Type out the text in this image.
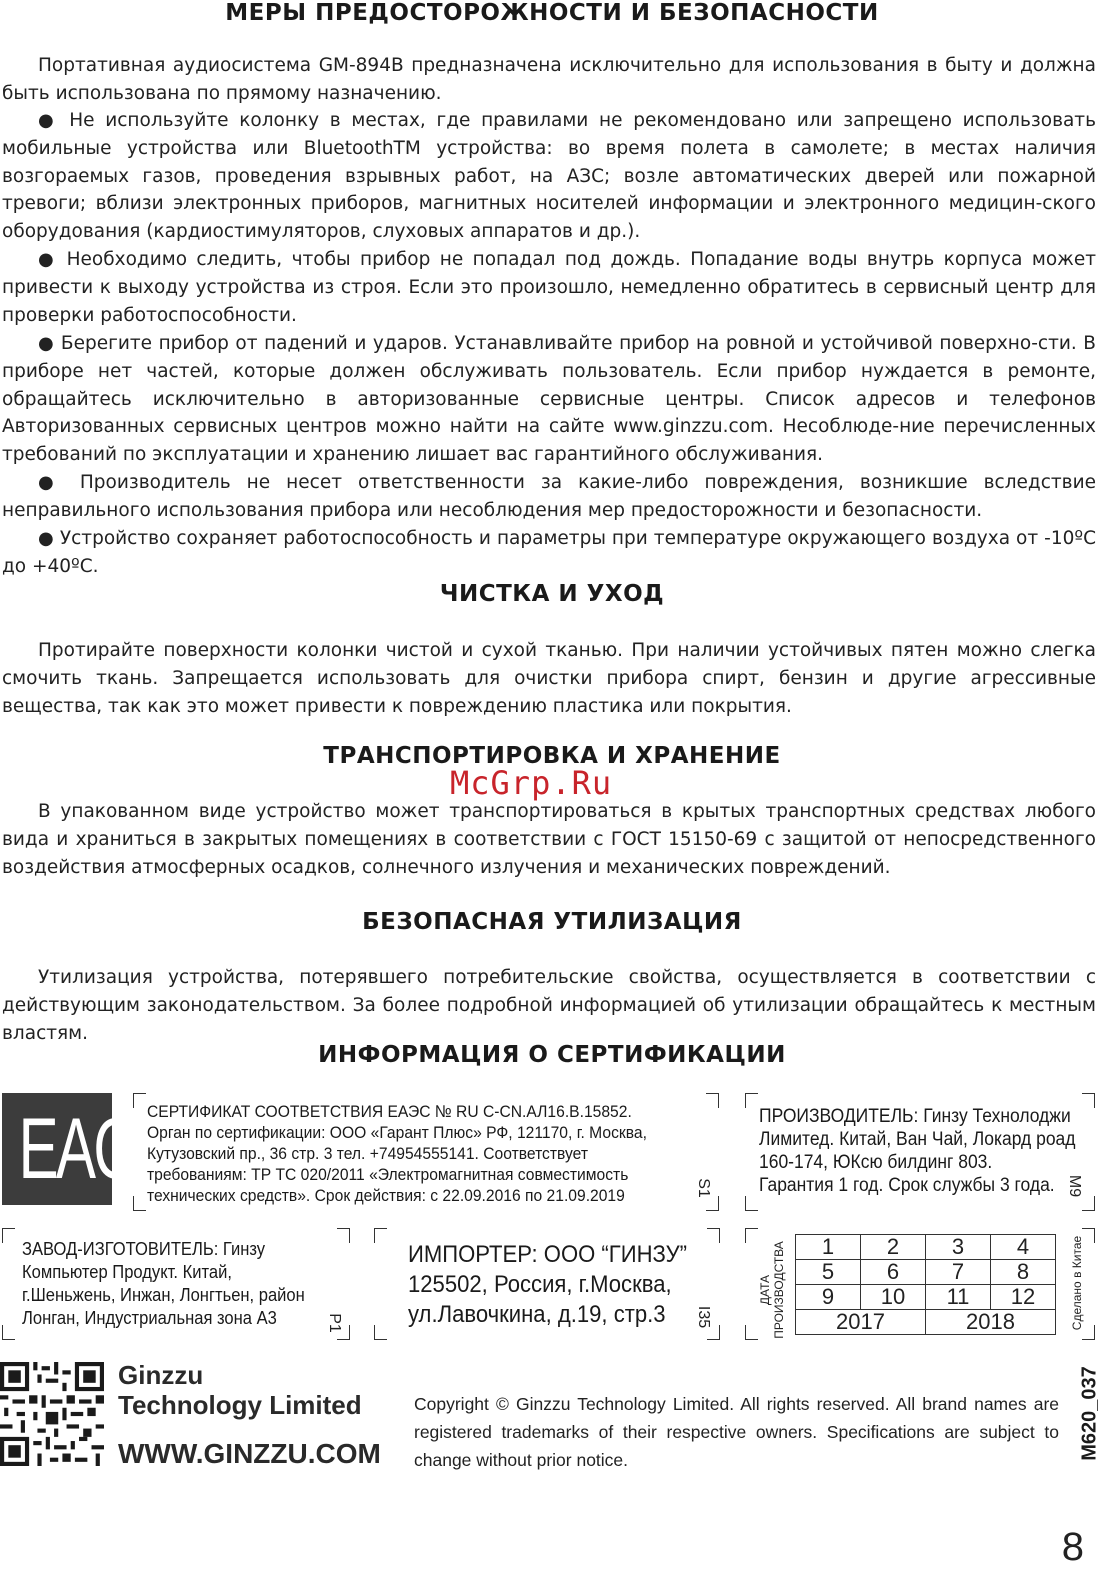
МЕРЫ ПРЕДОСТОРОЖНОСТИ И БЕЗОПАСНОСТИ

Портативная аудиосистема GM-894B предназначена исключительно для использования в быту и должна быть использована по прямому назначению.

● Не используйте колонку в местах, где правилами не рекомендовано или запрещено использовать мобильные устройства или BluetoothTM устройства: во время полета в самолете; в местах наличия возгораемых газов, проведения взрывных работ, на АЗС; возле автоматических дверей или пожарной тревоги; вблизи электронных приборов, магнитных носителей информации и электронного медицин-ского оборудования (кардиостимуляторов, слуховых аппаратов и др.).

● Необходимо следить, чтобы прибор не попадал под дождь. Попадание воды внутрь корпуса может привести к выходу устройства из строя. Если это произошло, немедленно обратитесь в сервисный центр для проверки работоспособности.

● Берегите прибор от падений и ударов. Устанавливайте прибор на ровной и устойчивой поверхно-сти. В приборе нет частей, которые должен обслуживать пользователь. Если прибор нуждается в ремонте, обращайтесь исключительно в авторизованные сервисные центры. Список адресов и телефонов Авторизованных сервисных центров можно найти на сайте www.ginzzu.com. Несоблюде-ние перечисленных требований по эксплуатации и хранению лишает вас гарантийного обслуживания.

● Производитель не несет ответственности за какие-либо повреждения, возникшие вследствие неправильного использования прибора или несоблюдения мер предосторожности и безопасности.

● Устройство сохраняет работоспособность и параметры при температуре окружающего воздуха от -10ºC до +40ºC.

ЧИСТКА И УХОД

Протирайте поверхности колонки чистой и сухой тканью. При наличии устойчивых пятен можно слегка смочить ткань. Запрещается использовать для очистки прибора спирт, бензин и другие агрессивные вещества, так как это может привести к повреждению пластика или покрытия.

ТРАНСПОРТИРОВКА И ХРАНЕНИЕ
McGrp.Ru

В упакованном виде устройство может транспортироваться в крытых транспортных средствах любого вида и храниться в закрытых помещениях в соответствии с ГОСТ 15150-69 с защитой от непосредственного воздействия атмосферных осадков, солнечного излучения и механических повреждений.

БЕЗОПАСНАЯ УТИЛИЗАЦИЯ

Утилизация устройства, потерявшего потребительские свойства, осуществляется в соответствии с действующим законодательством. За более подробной информацией об утилизации обращайтесь к местным властям.

ИНФОРМАЦИЯ О СЕРТИФИКАЦИИ
EAC СЕРТИФИКАТ СООТВЕТСТВИЯ ЕАЭС № RU C-CN.АЛ16.В.15852.
Орган по сертификации: ООО «Гарант Плюс» РФ, 121170, г. Москва,
Кутузовский пр., 36 стр. 3 тел. +74954555141. Соответствует
требованиям: ТР ТС 020/2011 «Электромагнитная совместимость
технических средств». Срок действия: с 22.09.2016 по 21.09.2019	S1
ПРОИЗВОДИТЕЛЬ: Гинзу Технолоджи
Лимитед. Китай, Ван Чай, Локард роад
160-174, ЮКсю билдинг 803.
Гарантия 1 год. Срок службы 3 года. M9
ЗАВОД-ИЗГОТОВИТЕЛЬ: Гинзу
Компьютер Продукт. Китай,
г.Шеньжень, Инжан, Лонгтьен, район
Лонган, Индустриальная зона А3	P1
ИМПОРТЕР: ООО “ГИНЗУ”
125502, Россия, г.Москва,
ул.Лавочкина, д.19, стр.3	I35
ДАТА ПРОИЗВОДСТВА 1	2	3	4
5	6	7	8
9	10	11	12
2017		2018		Сделано в Китае
Ginzzu
Technology Limited
WWW.GINZZU.COM
Copyright © Ginzzu Technology Limited. All rights reserved. All brand names are registered trademarks of their respective owners. Specifications are subject to change without prior notice.	M620_037
8
